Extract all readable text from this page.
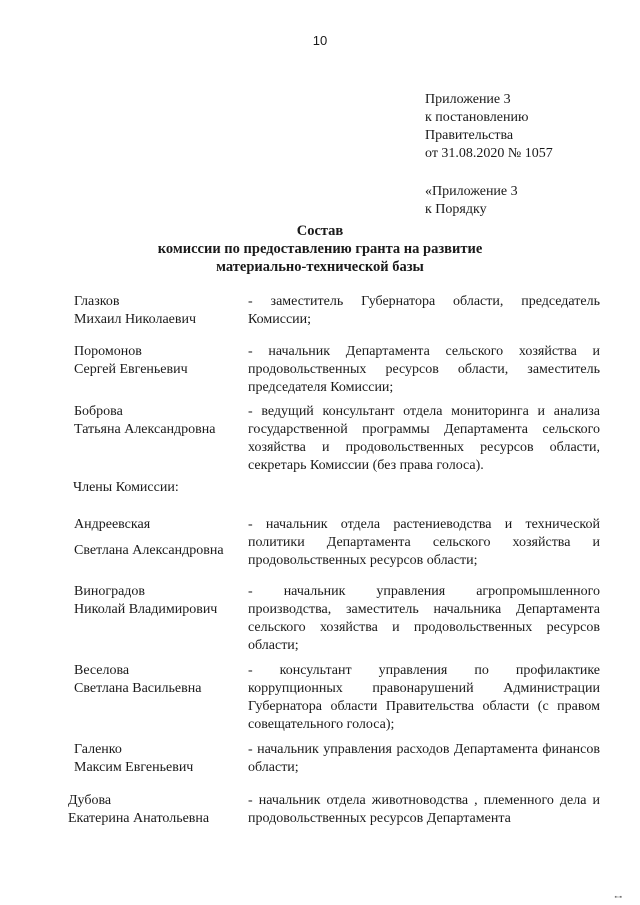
10
Приложение 3
к постановлению
Правительства
от 31.08.2020 № 1057
«Приложение 3
к Порядку
Состав
комиссии по предоставлению гранта на развитие
материально-технической базы
Глазков
Михаил Николаевич
- заместитель Губернатора области, председатель Комиссии;
Поромонов
Сергей Евгеньевич
- начальник Департамента сельского хозяйства и продовольственных ресурсов области, заместитель председателя Комиссии;
Боброва
Татьяна Александровна
- ведущий консультант отдела мониторинга и анализа государственной программы Департамента сельского хозяйства и продовольственных ресурсов области, секретарь Комиссии (без права голоса).
Члены Комиссии:
Андреевская
Светлана Александровна
- начальник отдела растениеводства и технической политики Департамента сельского хозяйства и продовольственных ресурсов области;
Виноградов
Николай Владимирович
- начальник управления агропромышленного производства, заместитель начальника Департамента сельского хозяйства и продовольственных ресурсов области;
Веселова
Светлана Васильевна
- консультант управления по профилактике коррупционных правонарушений Администрации Губернатора области Правительства области (с правом совещательного голоса);
Галенко
Максим Евгеньевич
- начальник управления расходов Департамента финансов области;
Дубова
Екатерина Анатольевна
- начальник отдела животноводства , племенного дела и продовольственных ресурсов Департамента
▪▫▪
